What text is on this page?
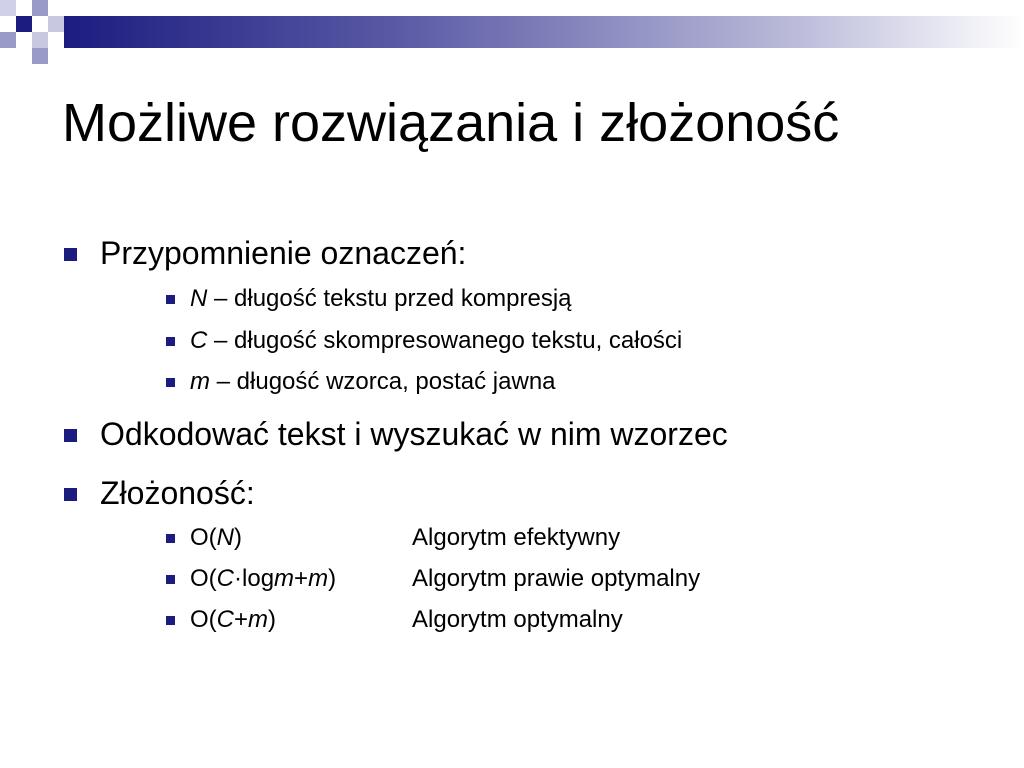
Możliwe rozwiązania i złożoność
Przypomnienie oznaczeń:
N – długość tekstu przed kompresją
C – długość skompresowanego tekstu, całości
m – długość wzorca, postać jawna
Odkodować tekst i wyszukać w nim wzorzec
Złożoność:
O(N)	Algorytm efektywny
O(C·logm+m)	Algorytm prawie optymalny
O(C+m)	Algorytm optymalny
